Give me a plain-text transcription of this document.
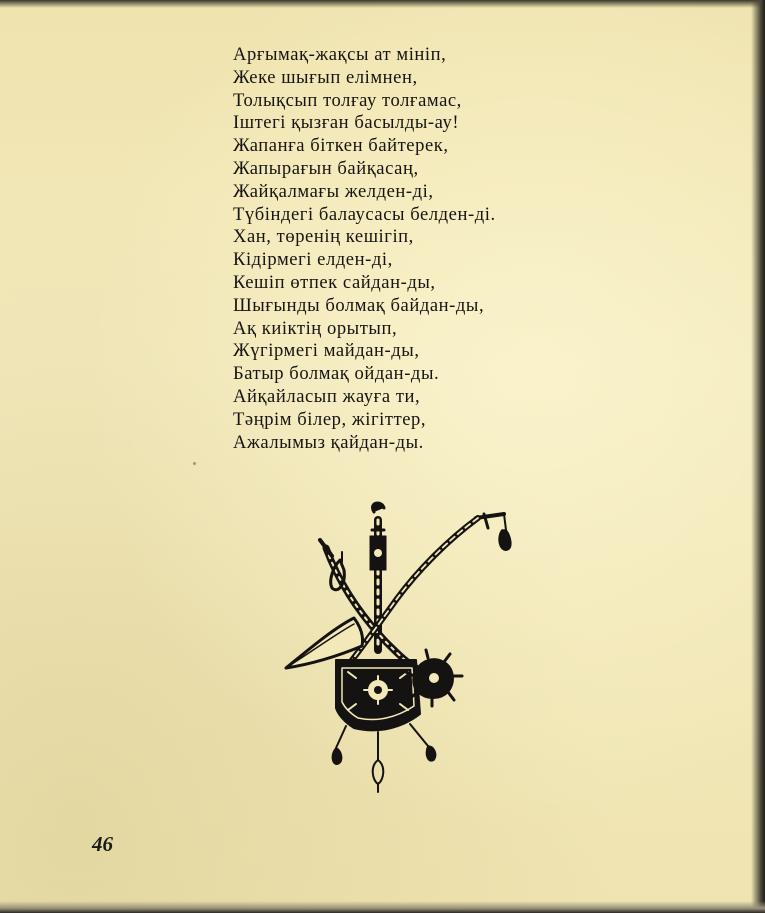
Арғымақ-жақсы ат мініп,
Жеке шығып елімнен,
Толықсып толғау толғамас,
Іштегі қызған басылды-ау!
Жапанға біткен байтерек,
Жапырағын байқасаң,
Жайқалмағы желден-ді,
Түбіндегі балаусасы белден-ді.
Хан, төренің кешігіп,
Кідірмегі елден-ді,
Кешіп өтпек сайдан-ды,
Шығынды болмақ байдан-ды,
Ақ киіктің орытып,
Жүгірмегі майдан-ды,
Батыр болмақ ойдан-ды.
Айқайласып жауға ти,
Тәңрім білер, жігіттер,
Ажалымыз қайдан-ды.
46
